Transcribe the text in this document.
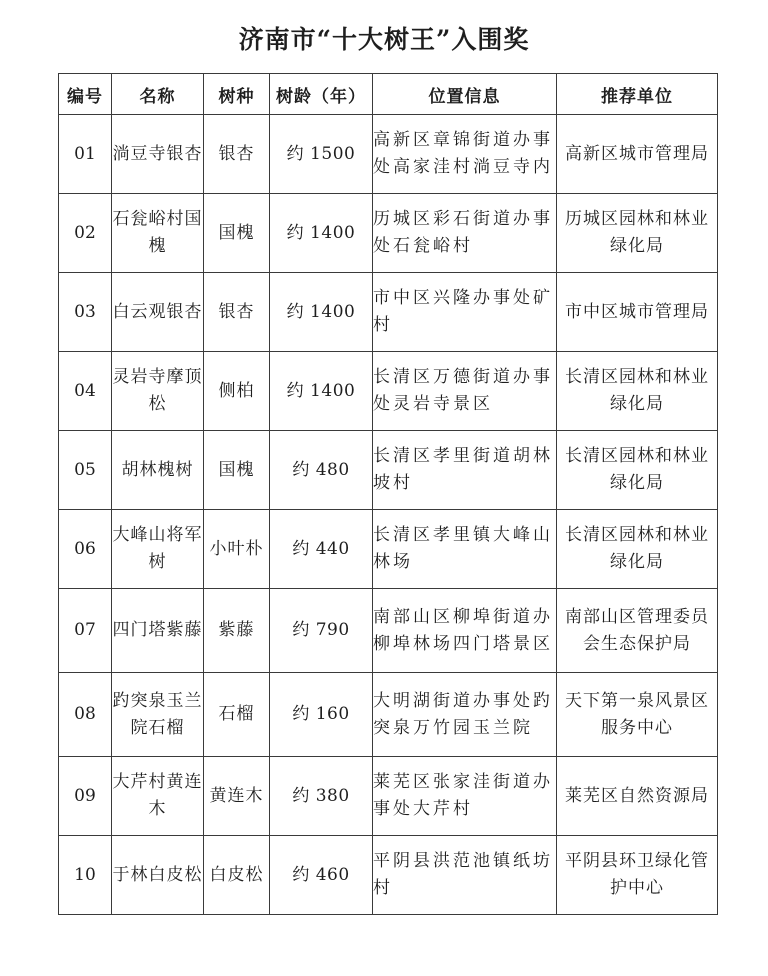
济南市“十大树王”入围奖
编号	名称	树种	树龄（年）	位置信息	推荐单位
01	淌豆寺银杏	银杏	约 1500	高新区章锦街道办事处高家洼村淌豆寺内	高新区城市管理局
02	石瓮峪村国槐	国槐	约 1400	历城区彩石街道办事处石瓮峪村	历城区园林和林业绿化局
03	白云观银杏	银杏	约 1400	市中区兴隆办事处矿村	市中区城市管理局
04	灵岩寺摩顶松	侧柏	约 1400	长清区万德街道办事处灵岩寺景区	长清区园林和林业绿化局
05	胡林槐树	国槐	约 480	长清区孝里街道胡林坡村	长清区园林和林业绿化局
06	大峰山将军树	小叶朴	约 440	长清区孝里镇大峰山林场	长清区园林和林业绿化局
07	四门塔紫藤	紫藤	约 790	南部山区柳埠街道办柳埠林场四门塔景区	南部山区管理委员会生态保护局
08	趵突泉玉兰院石榴	石榴	约 160	大明湖街道办事处趵突泉万竹园玉兰院	天下第一泉风景区服务中心
09	大芹村黄连木	黄连木	约 380	莱芜区张家洼街道办事处大芹村	莱芜区自然资源局
10	于林白皮松	白皮松	约 460	平阴县洪范池镇纸坊村	平阴县环卫绿化管护中心
